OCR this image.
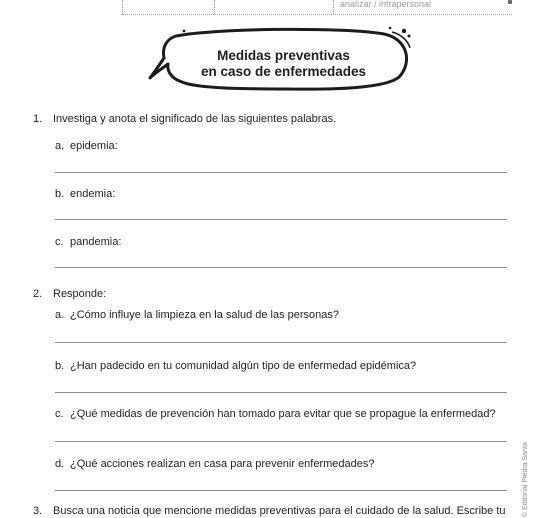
analizar / intrapersonal
Medidas preventivas
en caso de enfermedades
1. Investiga y anota el significado de las siguientes palabras.
a. epidemia:
b. endemia:
c. pandemia:
2. Responde:
a. ¿Cómo influye la limpieza en la salud de las personas?
b. ¿Han padecido en tu comunidad algún tipo de enfermedad epidémica?
c. ¿Qué medidas de prevención han tomado para evitar que se propague la enfermedad?
d. ¿Qué acciones realizan en casa para prevenir enfermedades?
3. Busca una noticia que mencione medidas preventivas para el cuidado de la salud. Escribe tu © Editorial Piedra Santa
